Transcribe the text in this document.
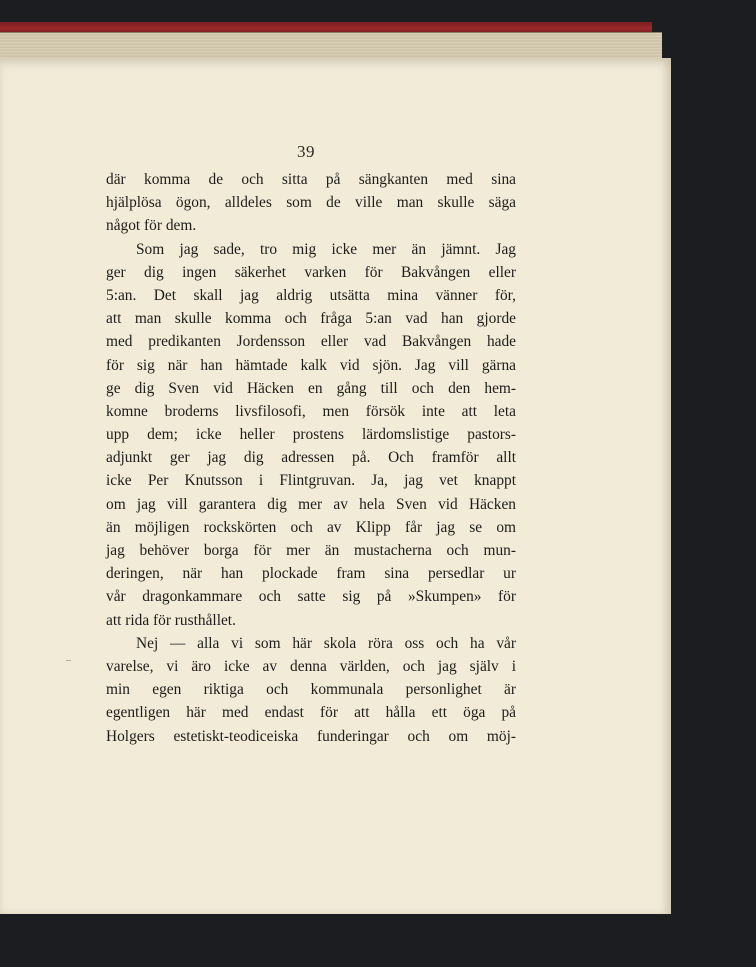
39
där komma de och sitta på sängkanten med sina
hjälplösa ögon, alldeles som de ville man skulle säga
något för dem.
Som jag sade, tro mig icke mer än jämnt. Jag
ger dig ingen säkerhet varken för Bakvången eller
5:an. Det skall jag aldrig utsätta mina vänner för,
att man skulle komma och fråga 5:an vad han gjorde
med predikanten Jordensson eller vad Bakvången hade
för sig när han hämtade kalk vid sjön. Jag vill gärna
ge dig Sven vid Häcken en gång till och den hem-
komne broderns livsfilosofi, men försök inte att leta
upp dem; icke heller prostens lärdomslistige pastors-
adjunkt ger jag dig adressen på. Och framför allt
icke Per Knutsson i Flintgruvan. Ja, jag vet knappt
om jag vill garantera dig mer av hela Sven vid Häcken
än möjligen rockskörten och av Klipp får jag se om
jag behöver borga för mer än mustacherna och mun-
deringen, när han plockade fram sina persedlar ur
vår dragonkammare och satte sig på »Skumpen» för
att rida för rusthållet.
Nej — alla vi som här skola röra oss och ha vår
varelse, vi äro icke av denna världen, och jag själv i
min egen riktiga och kommunala personlighet är
egentligen här med endast för att hålla ett öga på
Holgers estetiskt-teodiceiska funderingar och om möj-
